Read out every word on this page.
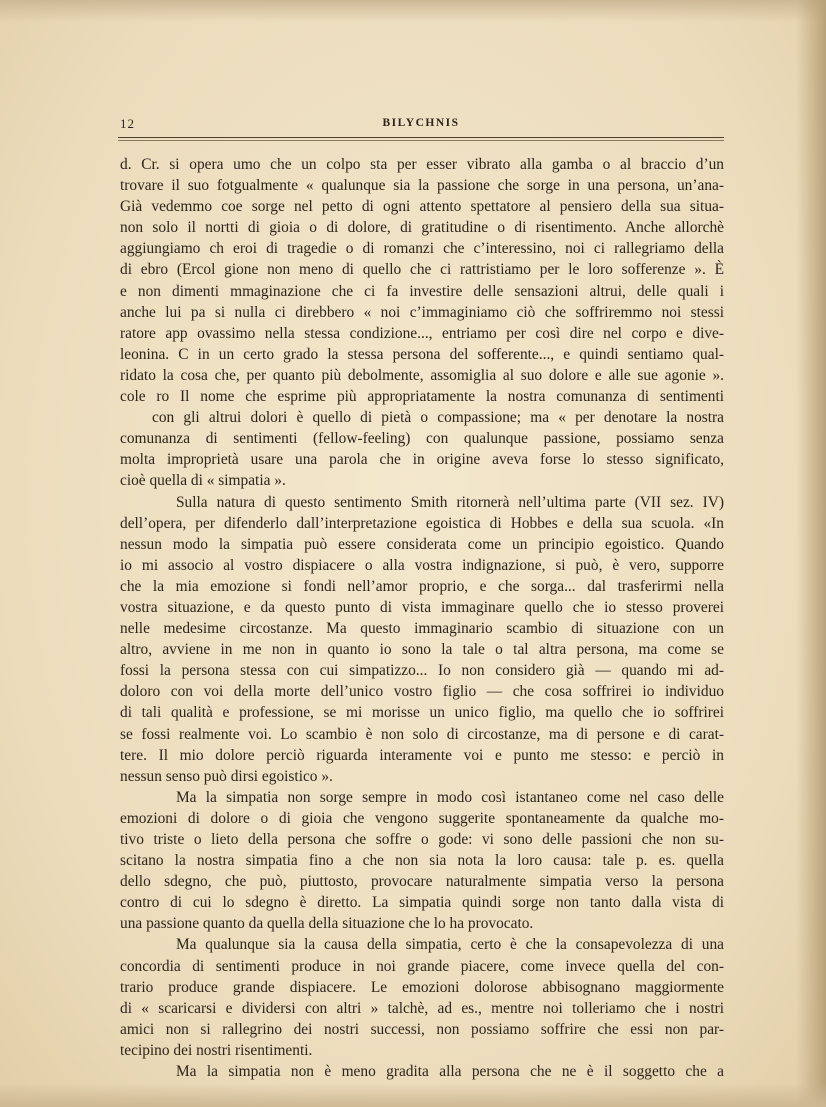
12	BILYCHNIS
d. Cr. si opera umo che un colpo sta per esser vibrato alla gamba o al braccio d’un
trovare il suo fotgualmente « qualunque sia la passione che sorge in una persona, un’ana-
Già vedemmo coe sorge nel petto di ogni attento spettatore al pensiero della sua situa-
non solo il nortti di gioia o di dolore, di gratitudine o di risentimento. Anche allorchè
aggiungiamo ch eroi di tragedie o di romanzi che c’interessino, noi ci rallegriamo della
di ebro (Ercol gione non meno di quello che ci rattristiamo per le loro sofferenze ». È
e non dimenti mmaginazione che ci fa investire delle sensazioni altrui, delle quali i
anche lui pa si nulla ci direbbero « noi c’immaginiamo ciò che soffriremmo noi stessi
ratore app ovassimo nella stessa condizione..., entriamo per così dire nel corpo e dive-
leonina. C in un certo grado la stessa persona del sofferente..., e quindi sentiamo qual-
ridato la cosa che, per quanto più debolmente, assomiglia al suo dolore e alle sue agonie ».
cole ro Il nome che esprime più appropriatamente la nostra comunanza di sentimenti
con gli altrui dolori è quello di pietà o compassione; ma « per denotare la nostra
comunanza di sentimenti (fellow-feeling) con qualunque passione, possiamo senza
molta improprietà usare una parola che in origine aveva forse lo stesso significato,
cioè quella di « simpatia ».
Sulla natura di questo sentimento Smith ritornerà nell’ultima parte (VII sez. IV)
dell’opera, per difenderlo dall’interpretazione egoistica di Hobbes e della sua scuola. «In
nessun modo la simpatia può essere considerata come un principio egoistico. Quando
io mi associo al vostro dispiacere o alla vostra indignazione, si può, è vero, supporre
che la mia emozione si fondi nell’amor proprio, e che sorga... dal trasferirmi nella
vostra situazione, e da questo punto di vista immaginare quello che io stesso proverei
nelle medesime circostanze. Ma questo immaginario scambio di situazione con un
altro, avviene in me non in quanto io sono la tale o tal altra persona, ma come se
fossi la persona stessa con cui simpatizzo... Io non considero già — quando mi ad-
doloro con voi della morte dell’unico vostro figlio — che cosa soffrirei io individuo
di tali qualità e professione, se mi morisse un unico figlio, ma quello che io soffrirei
se fossi realmente voi. Lo scambio è non solo di circostanze, ma di persone e di carat-
tere. Il mio dolore perciò riguarda interamente voi e punto me stesso: e perciò in
nessun senso può dirsi egoistico ».
Ma la simpatia non sorge sempre in modo così istantaneo come nel caso delle
emozioni di dolore o di gioia che vengono suggerite spontaneamente da qualche mo-
tivo triste o lieto della persona che soffre o gode: vi sono delle passioni che non su-
scitano la nostra simpatia fino a che non sia nota la loro causa: tale p. es. quella
dello sdegno, che può, piuttosto, provocare naturalmente simpatia verso la persona
contro di cui lo sdegno è diretto. La simpatia quindi sorge non tanto dalla vista di
una passione quanto da quella della situazione che lo ha provocato.
Ma qualunque sia la causa della simpatia, certo è che la consapevolezza di una
concordia di sentimenti produce in noi grande piacere, come invece quella del con-
trario produce grande dispiacere. Le emozioni dolorose abbisognano maggiormente
di « scaricarsi e dividersi con altri » talchè, ad es., mentre noi tolleriamo che i nostri
amici non si rallegrino dei nostri successi, non possiamo soffrire che essi non par-
tecipino dei nostri risentimenti.
Ma la simpatia non è meno gradita alla persona che ne è il soggetto che a
